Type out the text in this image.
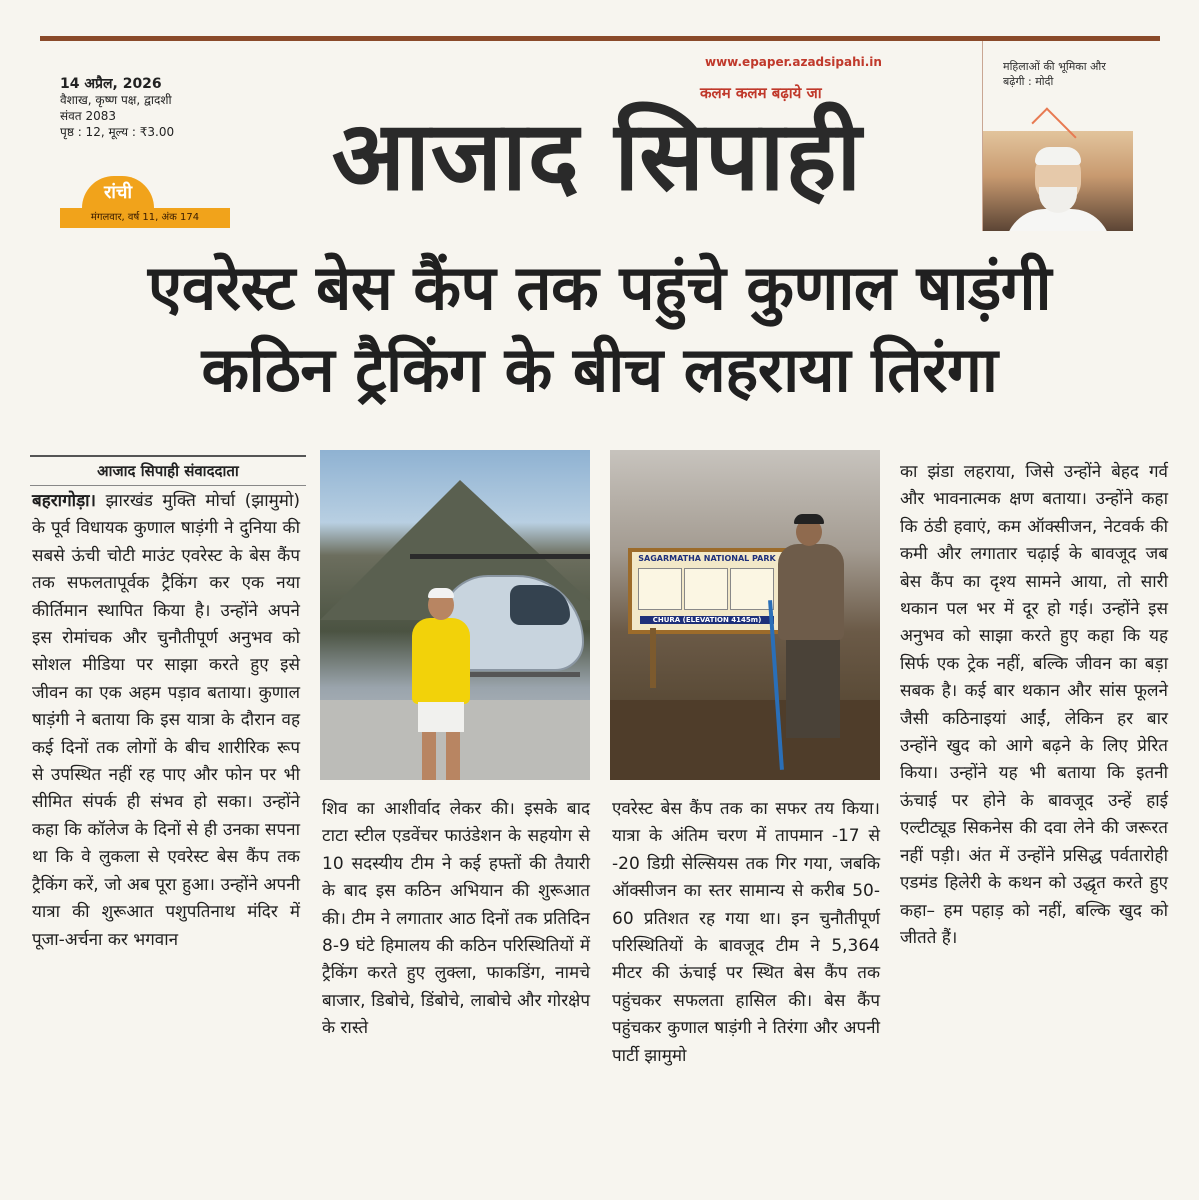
14 अप्रैल, 2026
वैशाख, कृष्ण पक्ष, द्वादशी
संवत 2083
पृष्ठ : 12, मूल्य : ₹3.00
www.epaper.azadsipahi.in
कलम कलम बढ़ाये जा
आजाद सिपाही
रांची
मंगलवार, वर्ष 11, अंक 174
महिलाओं की भूमिका और बढ़ेगी : मोदी
एवरेस्ट बेस कैंप तक पहुंचे कुणाल षाड़ंगी
कठिन ट्रैकिंग के बीच लहराया तिरंगा
आजाद सिपाही संवाददाता
बहरागोड़ा। झारखंड मुक्ति मोर्चा (झामुमो) के पूर्व विधायक कुणाल षाड़ंगी ने दुनिया की सबसे ऊंची चोटी माउंट एवरेस्ट के बेस कैंप तक सफलतापूर्वक ट्रैकिंग कर एक नया कीर्तिमान स्थापित किया है। उन्होंने अपने इस रोमांचक और चुनौतीपूर्ण अनुभव को सोशल मीडिया पर साझा करते हुए इसे जीवन का एक अहम पड़ाव बताया। कुणाल षाड़ंगी ने बताया कि इस यात्रा के दौरान वह कई दिनों तक लोगों के बीच शारीरिक रूप से उपस्थित नहीं रह पाए और फोन पर भी सीमित संपर्क ही संभव हो सका। उन्होंने कहा कि कॉलेज के दिनों से ही उनका सपना था कि वे लुकला से एवरेस्ट बेस कैंप तक ट्रैकिंग करें, जो अब पूरा हुआ। उन्होंने अपनी यात्रा की शुरूआत पशुपतिनाथ मंदिर में पूजा-अर्चना कर भगवान
SAGARMATHA NATIONAL PARK
CHURA (ELEVATION 4145m)
शिव का आशीर्वाद लेकर की। इसके बाद टाटा स्टील एडवेंचर फाउंडेशन के सहयोग से 10 सदस्यीय टीम ने कई हफ्तों की तैयारी के बाद इस कठिन अभियान की शुरूआत की। टीम ने लगातार आठ दिनों तक प्रतिदिन 8-9 घंटे हिमालय की कठिन परिस्थितियों में ट्रैकिंग करते हुए लुक्ला, फाकडिंग, नामचे बाजार, डिबोचे, डिंबोचे, लाबोचे और गोरक्षेप के रास्ते
एवरेस्ट बेस कैंप तक का सफर तय किया। यात्रा के अंतिम चरण में तापमान -17 से -20 डिग्री सेल्सियस तक गिर गया, जबकि ऑक्सीजन का स्तर सामान्य से करीब 50-60 प्रतिशत रह गया था। इन चुनौतीपूर्ण परिस्थितियों के बावजूद टीम ने 5,364 मीटर की ऊंचाई पर स्थित बेस कैंप तक पहुंचकर सफलता हासिल की। बेस कैंप पहुंचकर कुणाल षाड़ंगी ने तिरंगा और अपनी पार्टी झामुमो
का झंडा लहराया, जिसे उन्होंने बेहद गर्व और भावनात्मक क्षण बताया। उन्होंने कहा कि ठंडी हवाएं, कम ऑक्सीजन, नेटवर्क की कमी और लगातार चढ़ाई के बावजूद जब बेस कैंप का दृश्य सामने आया, तो सारी थकान पल भर में दूर हो गई। उन्होंने इस अनुभव को साझा करते हुए कहा कि यह सिर्फ एक ट्रेक नहीं, बल्कि जीवन का बड़ा सबक है। कई बार थकान और सांस फूलने जैसी कठिनाइयां आईं, लेकिन हर बार उन्होंने खुद को आगे बढ़ने के लिए प्रेरित किया। उन्होंने यह भी बताया कि इतनी ऊंचाई पर होने के बावजूद उन्हें हाई एल्टीट्यूड सिकनेस की दवा लेने की जरूरत नहीं पड़ी। अंत में उन्होंने प्रसिद्ध पर्वतारोही एडमंड हिलेरी के कथन को उद्धृत करते हुए कहा– हम पहाड़ को नहीं, बल्कि खुद को जीतते हैं।
